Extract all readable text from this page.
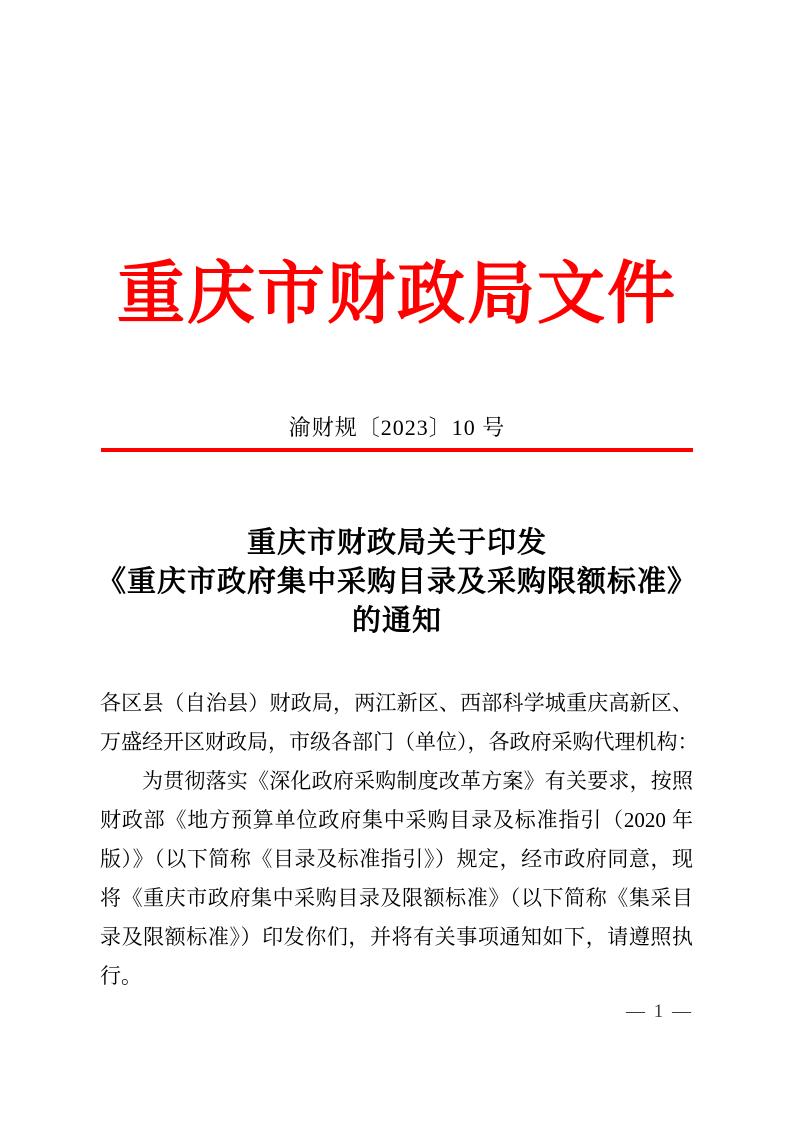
重庆市财政局文件
渝财规〔2023〕10 号
重庆市财政局关于印发
《重庆市政府集中采购目录及采购限额标准》
的通知
各区县（自治县）财政局，两江新区、西部科学城重庆高新区、
万盛经开区财政局，市级各部门（单位），各政府采购代理机构：
为贯彻落实《深化政府采购制度改革方案》有关要求，按照
财政部《地方预算单位政府集中采购目录及标准指引（2020 年
版）》（以下简称《目录及标准指引》）规定，经市政府同意，现
将《重庆市政府集中采购目录及限额标准》（以下简称《集采目
录及限额标准》）印发你们，并将有关事项通知如下，请遵照执
行。
— 1 —
